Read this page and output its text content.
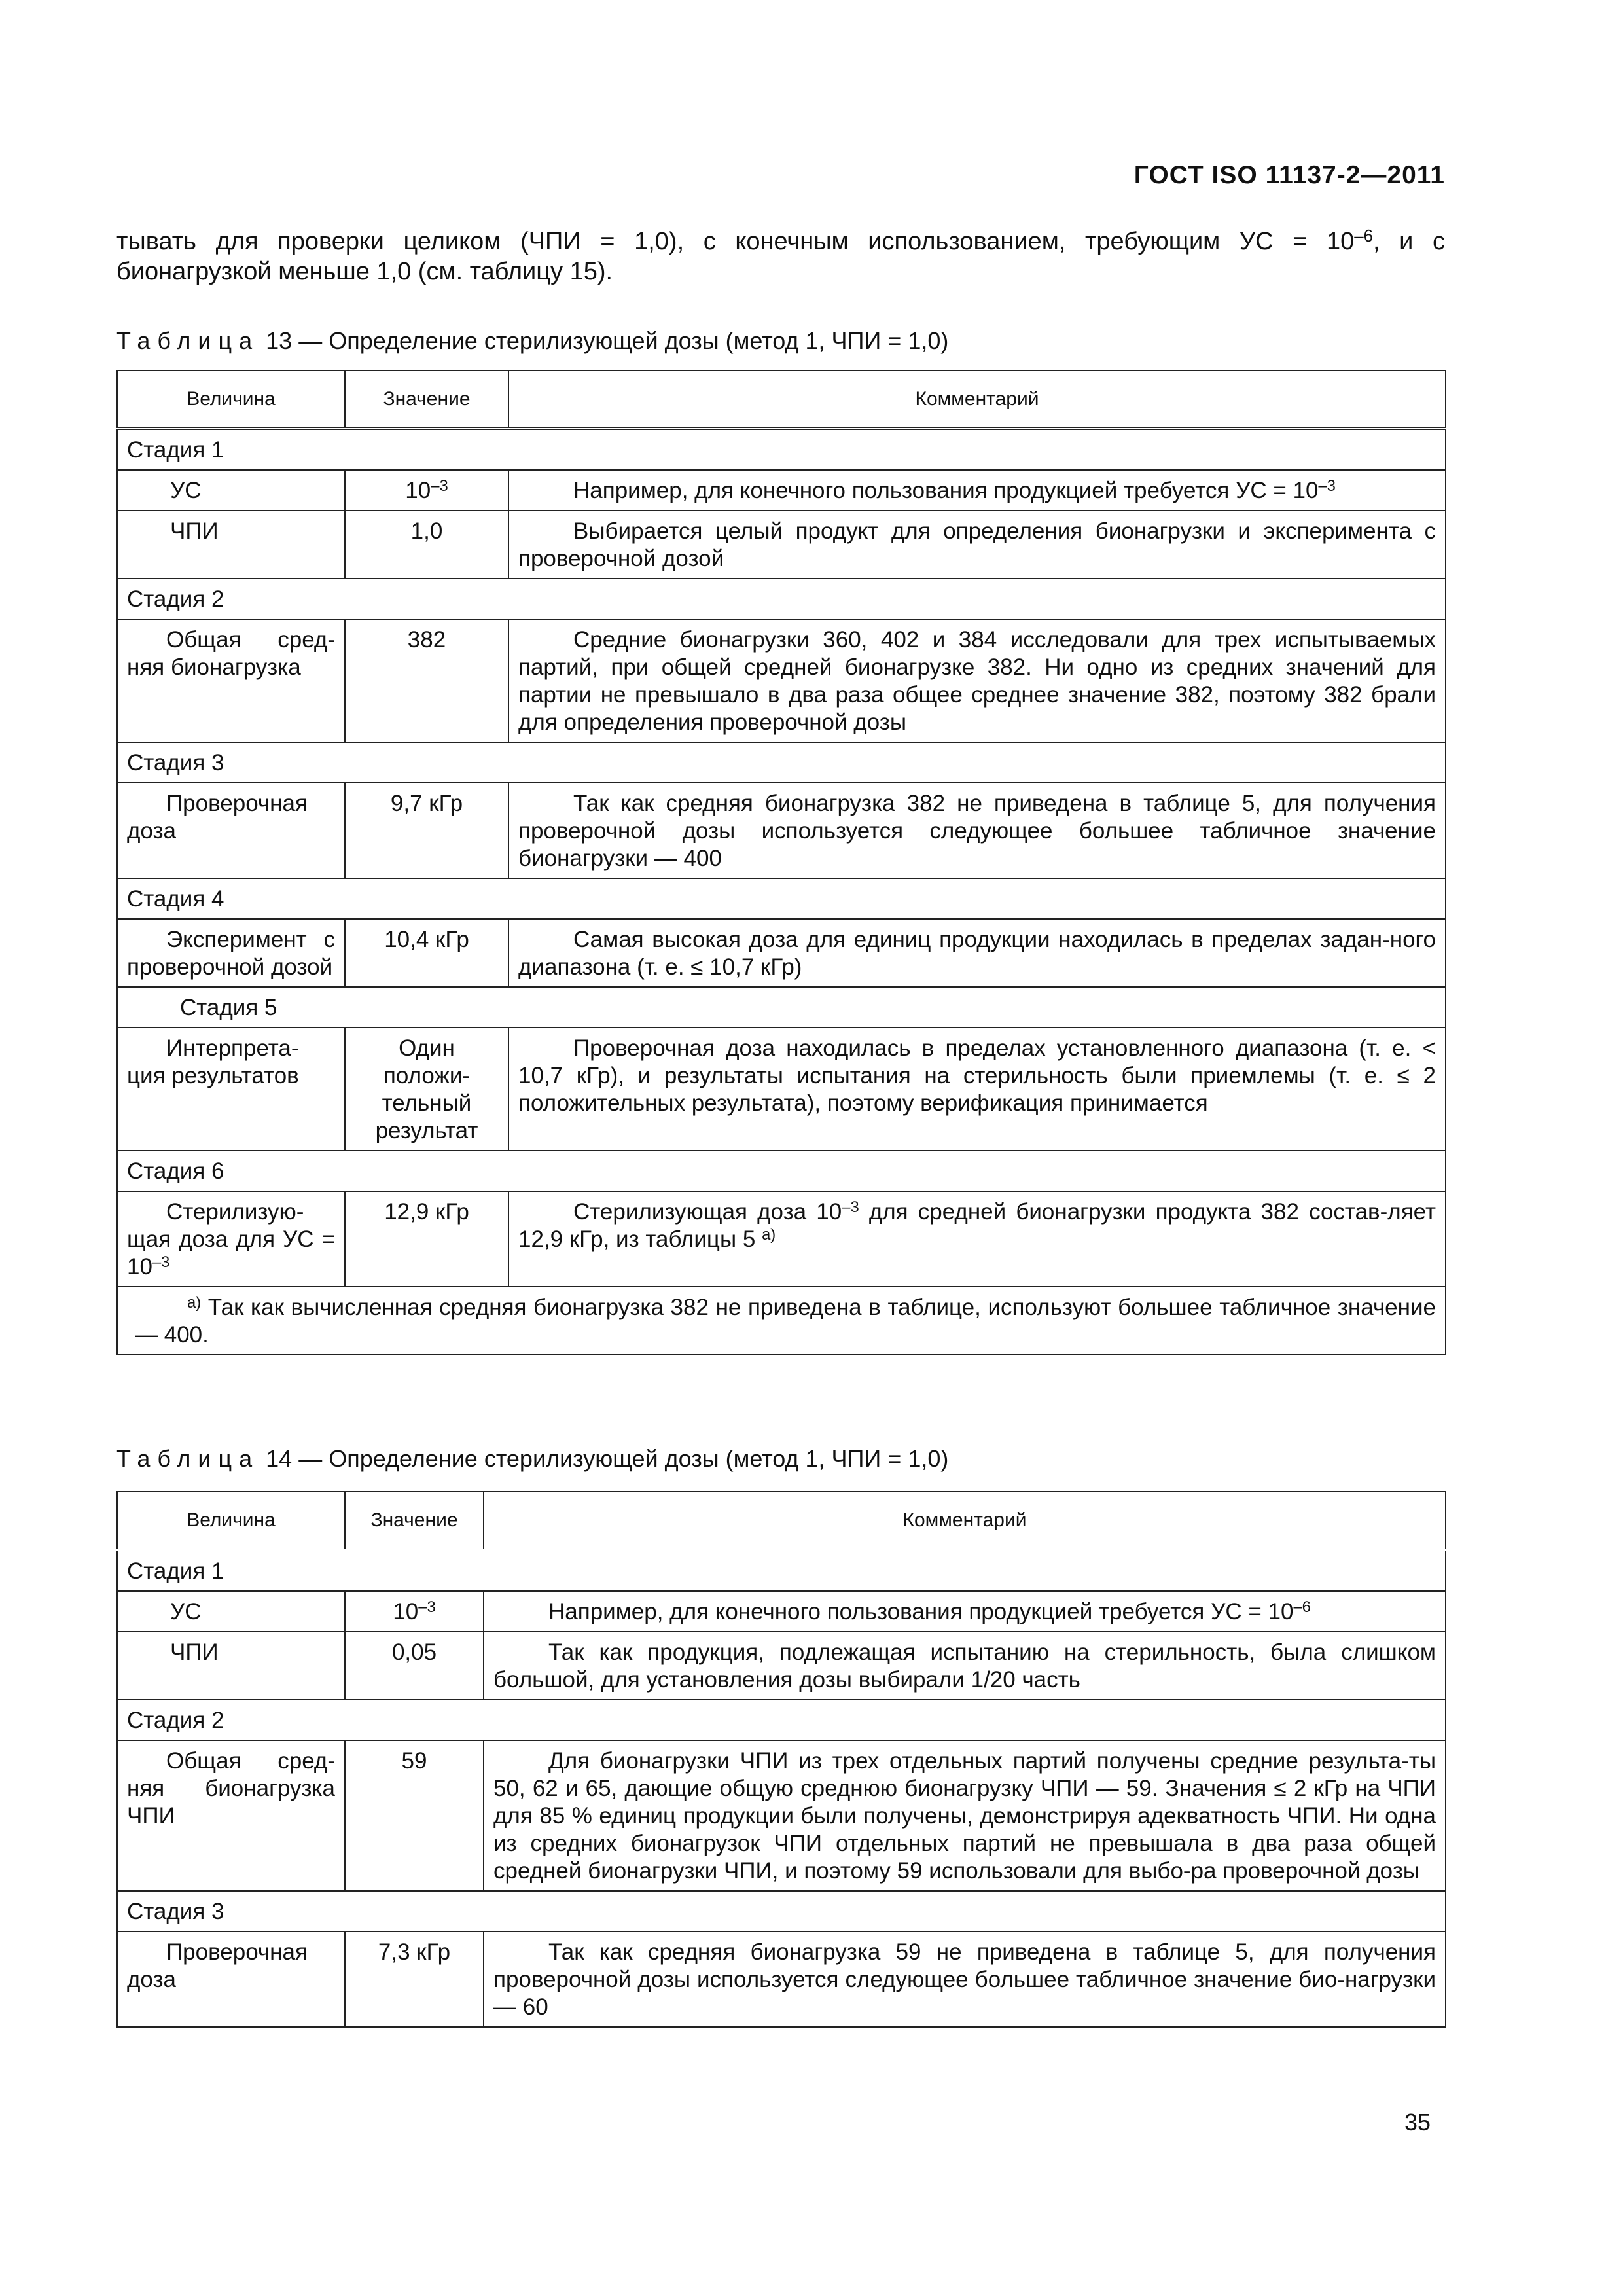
ГОСТ ISO 11137-2—2011
тывать для проверки целиком (ЧПИ = 1,0), с конечным использованием, требующим УС = $10^{-6}$, и с
бионагрузкой меньше 1,0 (см. таблицу 15).
Таблица 13 — Определение стерилизующей дозы (метод 1, ЧПИ = 1,0)
Величина	Значение	Комментарий
Стадия 1		
УС	$10^{-3}$	Например, для конечного пользования продукцией требуется УС = $10^{-3}$

ЧПИ	1,0	Выбирается целый продукт для определения бионагрузки и эксперимента с проверочной дозой

Стадия 2		

Общая сред- няя бионагрузка	382	Средние бионагрузки 360, 402 и 384 исследовали для трех испытываемых партий, при общей средней бионагрузке 382. Ни одно из средних значений для партии не превышало в два раза общее среднее значение 382, поэтому 382 брали для определения проверочной дозы

Стадия 3		

Проверочная доза	9,7 кГр	Так как средняя бионагрузка 382 не приведена в таблице 5, для получения проверочной дозы используется следующее большее табличное значение бионагрузки — 400

Стадия 4		

Эксперимент с проверочной дозой	10,4 кГр	Самая высокая доза для единиц продукции находилась в пределах задан-ного диапазона (т. е. ≤ 10,7 кГр)

Стадия 5		

Интерпрета-ция результатов	Один положи-тельный результат	Проверочная доза находилась в пределах установленного диапазона (т. е. < 10,7 кГр), и результаты испытания на стерильность были приемлемы (т. е. ≤ 2 положительных результата), поэтому верификация принимается

Стадия 6		

Стерилизую-щая доза для УС = $10^{-3}$	12,9 кГр	Стерилизующая доза $10^{-3}$ для средней бионагрузки продукта 382 состав-ляет 12,9 кГр, из таблицы 5 $^{a)}$

$^{a)}$ Так как вычисленная средняя бионагрузка 382 не приведена в таблице, используют большее табличное значение — 400.		
Таблица 14 — Определение стерилизующей дозы (метод 1, ЧПИ = 1,0)
Величина	Значение	Комментарий
Стадия 1		
УС	$10^{-3}$	Например, для конечного пользования продукцией требуется УС = $10^{-6}$

ЧПИ	0,05	Так как продукция, подлежащая испытанию на стерильность, была слишком большой, для установления дозы выбирали 1/20 часть

Стадия 2		

Общая сред-няя бионагрузка ЧПИ	59	Для бионагрузки ЧПИ из трех отдельных партий получены средние результа-ты 50, 62 и 65, дающие общую среднюю бионагрузку ЧПИ — 59. Значения ≤ 2 кГр на ЧПИ для 85 % единиц продукции были получены, демонстрируя адекватность ЧПИ. Ни одна из средних бионагрузок ЧПИ отдельных партий не превышала в два раза общей средней бионагрузки ЧПИ, и поэтому 59 использовали для выбо-ра проверочной дозы

Стадия 3		

Проверочная доза	7,3 кГр	Так как средняя бионагрузка 59 не приведена в таблице 5, для получения проверочной дозы используется следующее большее табличное значение био-нагрузки — 60
35
